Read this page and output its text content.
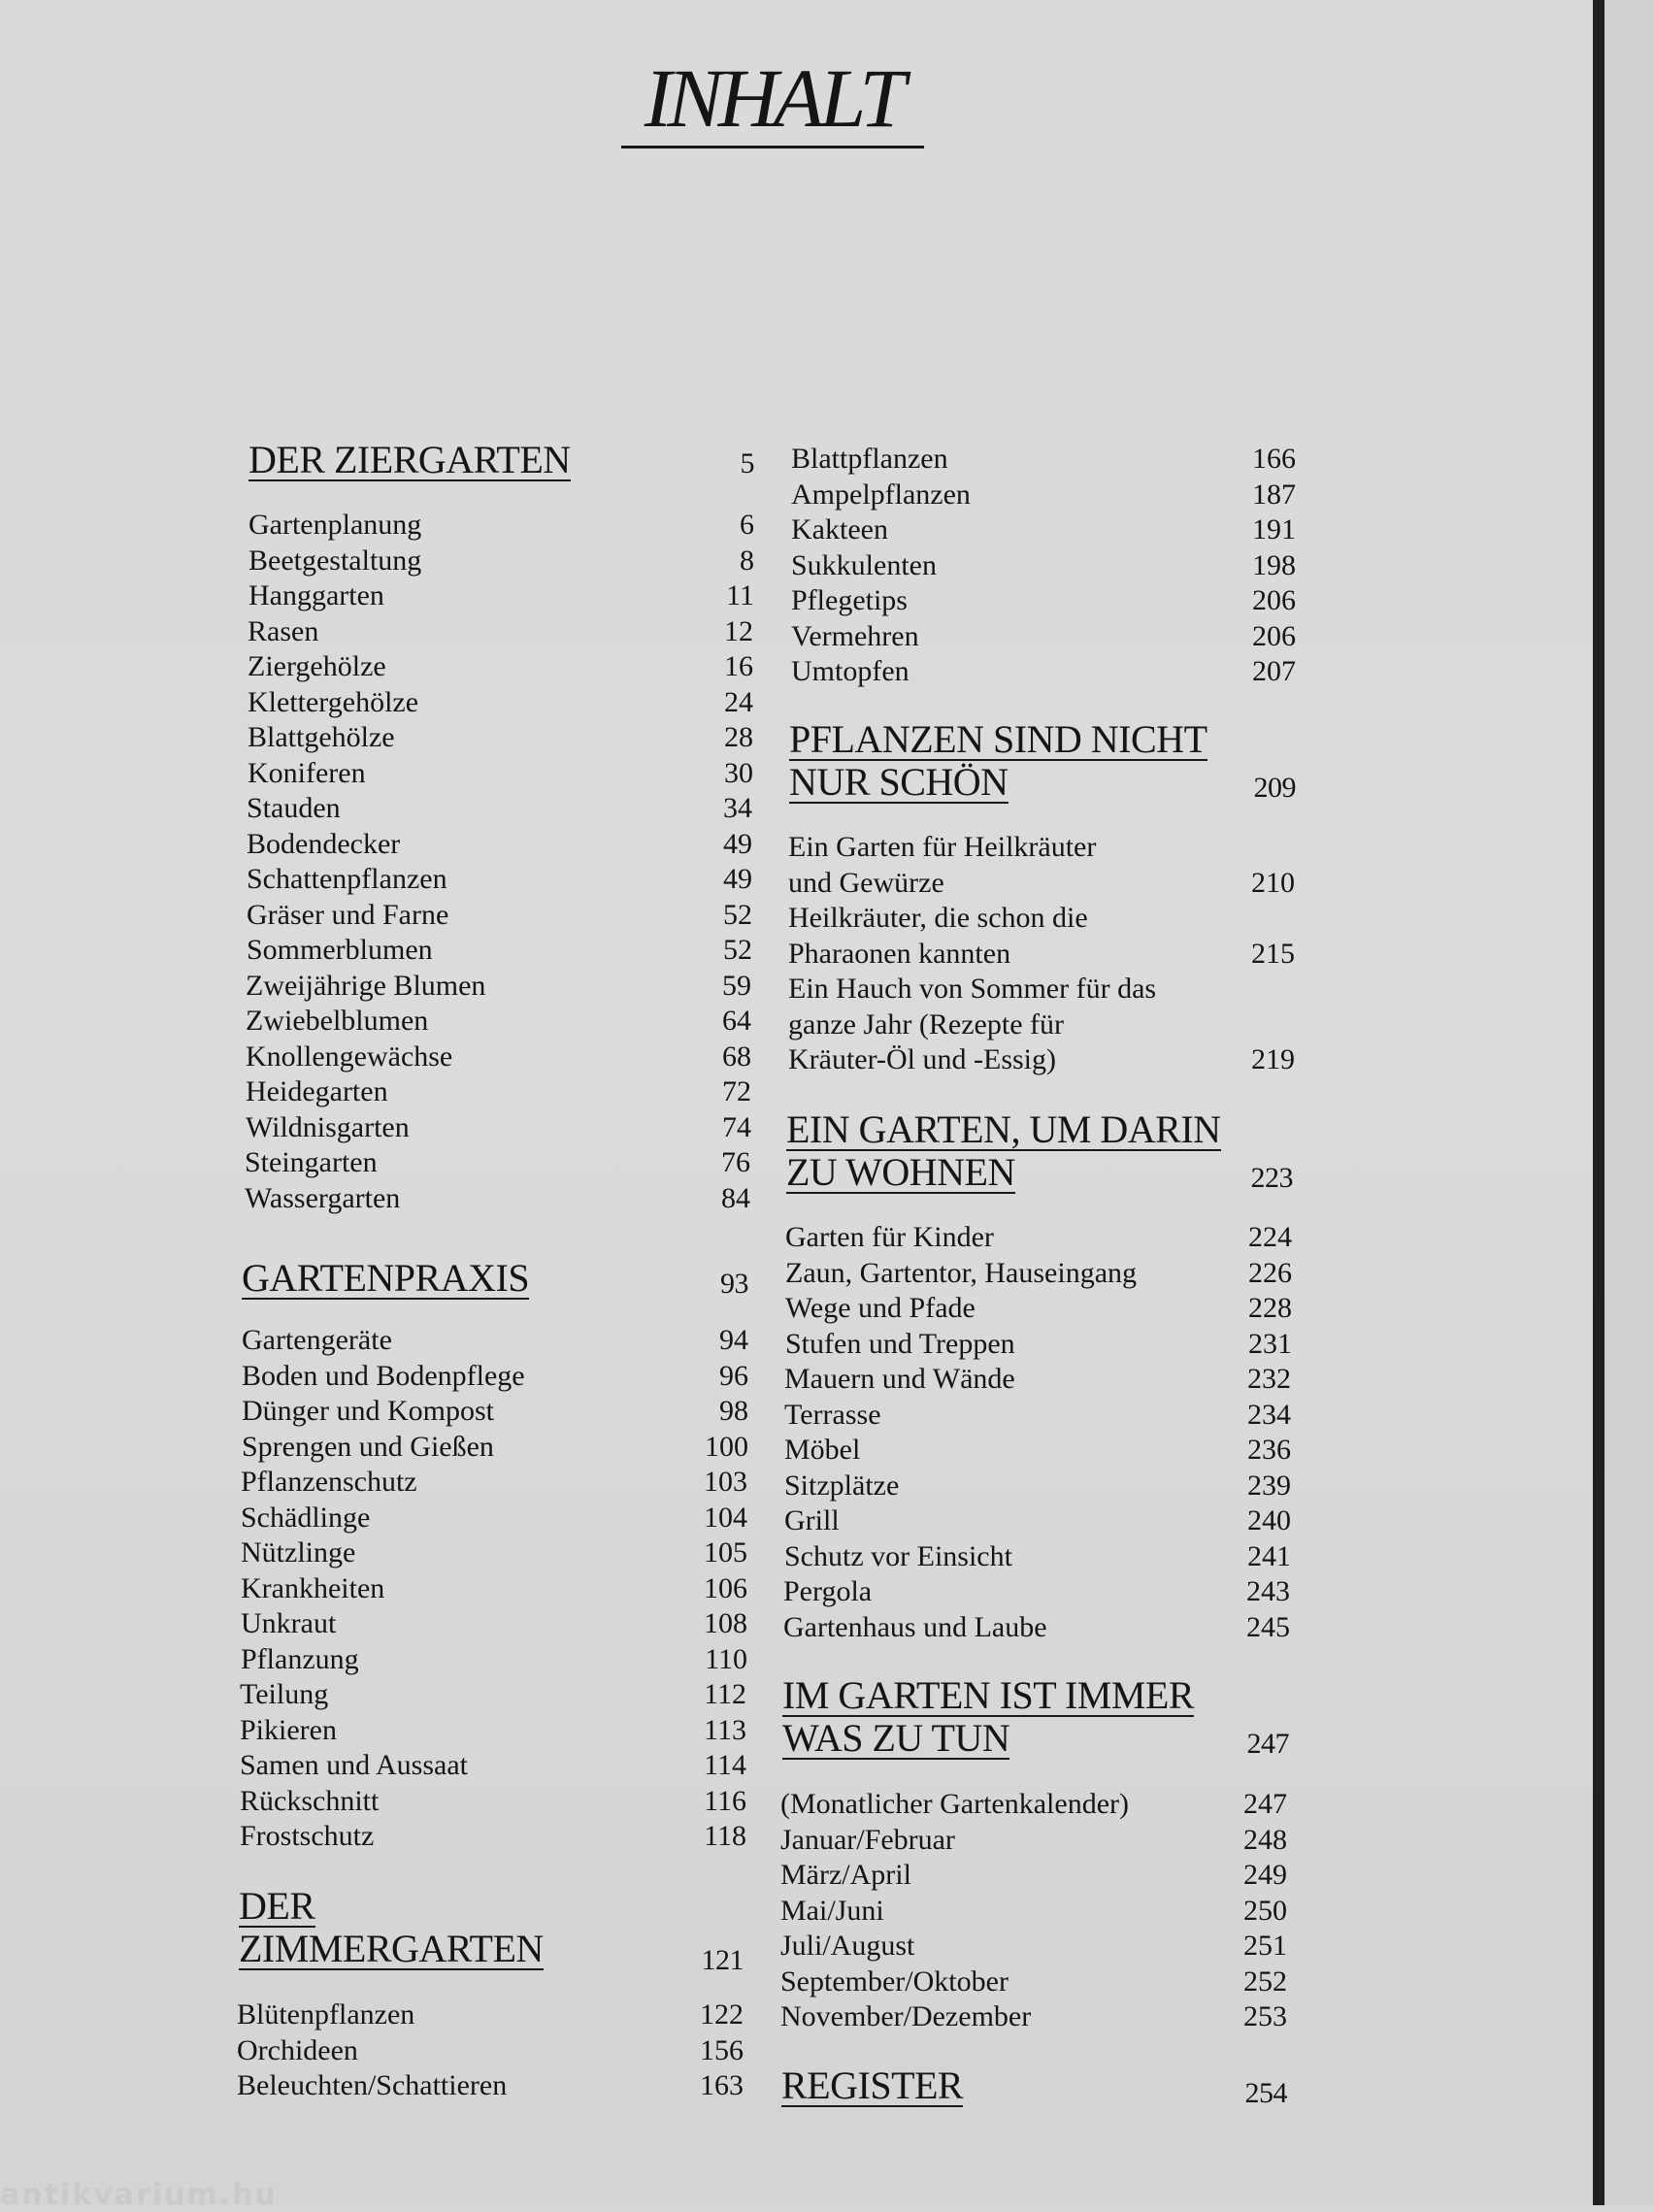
INHALT
DER ZIERGARTEN	5
Gartenplanung	6
Beetgestaltung	8
Hanggarten	11
Rasen	12
Ziergehölze	16
Klettergehölze	24
Blattgehölze	28
Koniferen	30
Stauden	34
Bodendecker	49
Schattenpflanzen	49
Gräser und Farne	52
Sommerblumen	52
Zweijährige Blumen	59
Zwiebelblumen	64
Knollengewächse	68
Heidegarten	72
Wildnisgarten	74
Steingarten	76
Wassergarten	84
GARTENPRAXIS	93
Gartengeräte	94
Boden und Bodenpflege	96
Dünger und Kompost	98
Sprengen und Gießen	100
Pflanzenschutz	103
Schädlinge	104
Nützlinge	105
Krankheiten	106
Unkraut	108
Pflanzung	110
Teilung	112
Pikieren	113
Samen und Aussaat	114
Rückschnitt	116
Frostschutz	118
DER
ZIMMERGARTEN	121
Blütenpflanzen	122
Orchideen	156
Beleuchten/Schattieren	163
Blattpflanzen	166
Ampelpflanzen	187
Kakteen	191
Sukkulenten	198
Pflegetips	206
Vermehren	206
Umtopfen	207
PFLANZEN SIND NICHT
NUR SCHÖN	209
Ein Garten für Heilkräuter
und Gewürze	210
Heilkräuter, die schon die
Pharaonen kannten	215
Ein Hauch von Sommer für das
ganze Jahr (Rezepte für
Kräuter-Öl und -Essig)	219
EIN GARTEN, UM DARIN
ZU WOHNEN	223
Garten für Kinder	224
Zaun, Gartentor, Hauseingang	226
Wege und Pfade	228
Stufen und Treppen	231
Mauern und Wände	232
Terrasse	234
Möbel	236
Sitzplätze	239
Grill	240
Schutz vor Einsicht	241
Pergola	243
Gartenhaus und Laube	245
IM GARTEN IST IMMER
WAS ZU TUN	247
(Monatlicher Gartenkalender)	247
Januar/Februar	248
März/April	249
Mai/Juni	250
Juli/August	251
September/Oktober	252
November/Dezember	253
REGISTER	254
antikvarium.hu
